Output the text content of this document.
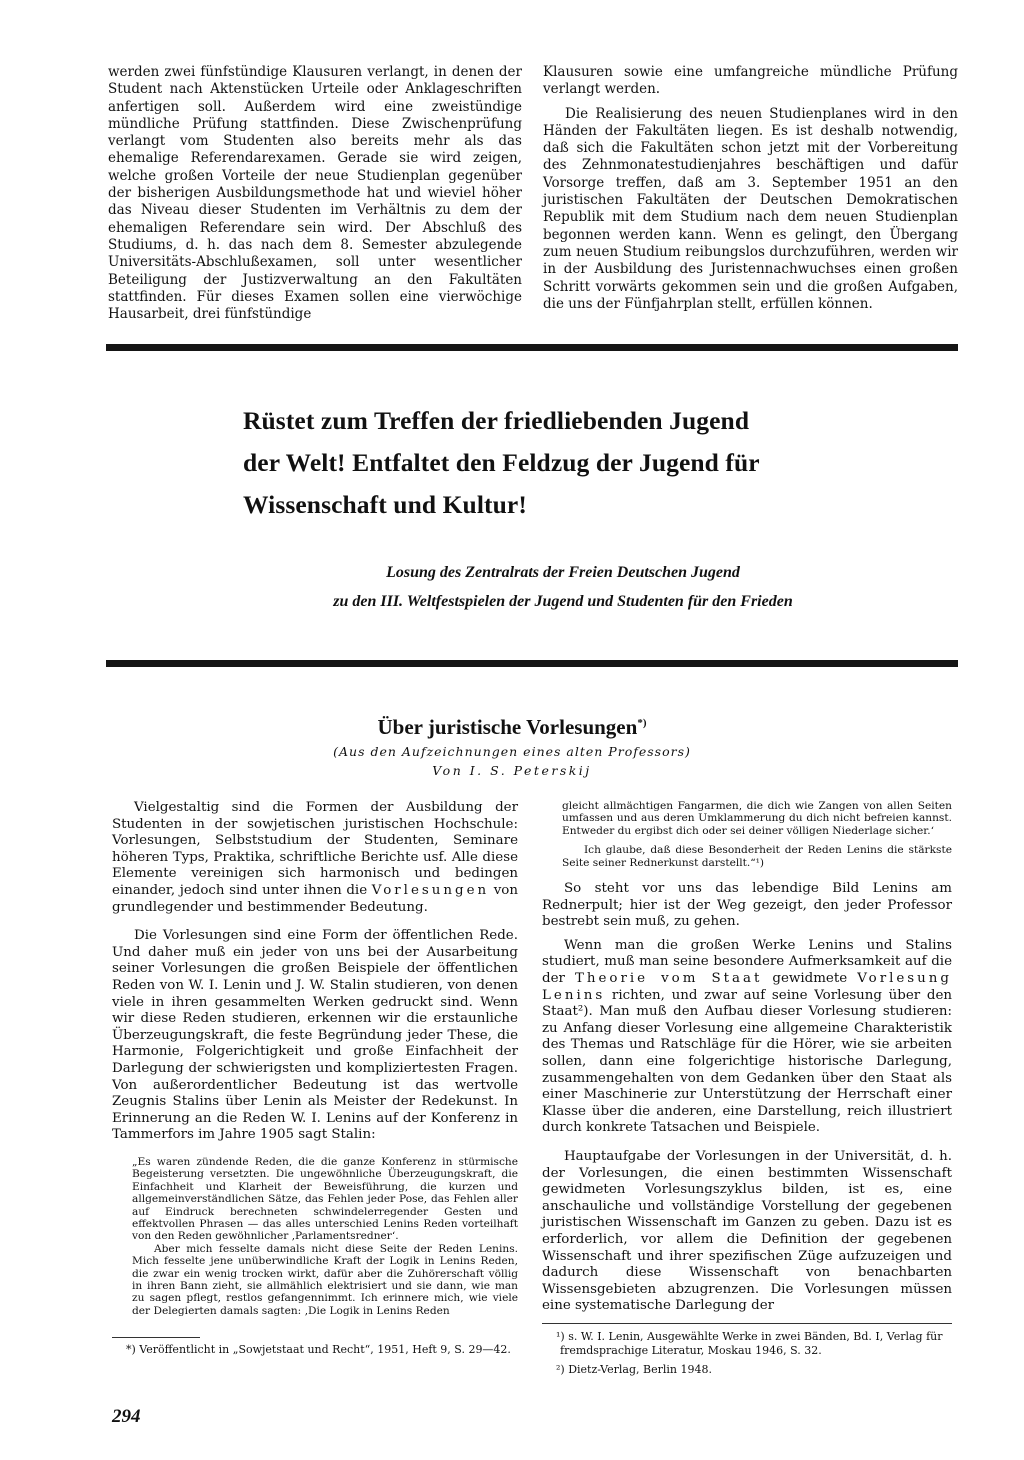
werden zwei fünfstündige Klausuren verlangt, in denen der Student nach Aktenstücken Urteile oder Anklageschriften anfertigen soll. Außerdem wird eine zweistündige mündliche Prüfung stattfinden. Diese Zwischenprüfung verlangt vom Studenten also bereits mehr als das ehemalige Referendarexamen. Gerade sie wird zeigen, welche großen Vorteile der neue Studienplan gegenüber der bisherigen Ausbildungsmethode hat und wieviel höher das Niveau dieser Studenten im Verhältnis zu dem der ehemaligen Referendare sein wird. Der Abschluß des Studiums, d. h. das nach dem 8. Semester abzulegende Universitäts-Abschlußexamen, soll unter wesentlicher Beteiligung der Justizverwaltung an den Fakultäten stattfinden. Für dieses Examen sollen eine vierwöchige Hausarbeit, drei fünfstündige

Klausuren sowie eine umfangreiche mündliche Prüfung verlangt werden.

Die Realisierung des neuen Studienplanes wird in den Händen der Fakultäten liegen. Es ist deshalb notwendig, daß sich die Fakultäten schon jetzt mit der Vorbereitung des Zehnmonatestudienjahres beschäftigen und dafür Vorsorge treffen, daß am 3. September 1951 an den juristischen Fakultäten der Deutschen Demokratischen Republik mit dem Studium nach dem neuen Studienplan begonnen werden kann. Wenn es gelingt, den Übergang zum neuen Studium reibungslos durchzuführen, werden wir in der Ausbildung des Juristennachwuchses einen großen Schritt vorwärts gekommen sein und die großen Aufgaben, die uns der Fünfjahrplan stellt, erfüllen können.

Rüstet zum Treffen der friedliebenden Jugend
der Welt! Entfaltet den Feldzug der Jugend für
Wissenschaft und Kultur!
Losung des Zentralrats der Freien Deutschen Jugend
zu den III. Weltfestspielen der Jugend und Studenten für den Frieden
Über juristische Vorlesungen*)
(Aus den Aufzeichnungen eines alten Professors)
Von I. S. Peterskij

Vielgestaltig sind die Formen der Ausbildung der Studenten in der sowjetischen juristischen Hochschule: Vorlesungen, Selbststudium der Studenten, Seminare höheren Typs, Praktika, schriftliche Berichte usf. Alle diese Elemente vereinigen sich harmonisch und bedingen einander, jedoch sind unter ihnen die Vorlesungen von grundlegender und bestimmender Bedeutung.

Die Vorlesungen sind eine Form der öffentlichen Rede. Und daher muß ein jeder von uns bei der Ausarbeitung seiner Vorlesungen die großen Beispiele der öffentlichen Reden von W. I. Lenin und J. W. Stalin studieren, von denen viele in ihren gesammelten Werken gedruckt sind. Wenn wir diese Reden studieren, erkennen wir die erstaunliche Überzeugungskraft, die feste Begründung jeder These, die Harmonie, Folgerichtigkeit und große Einfachheit der Darlegung der schwierigsten und kompliziertesten Fragen. Von außerordentlicher Bedeutung ist das wertvolle Zeugnis Stalins über Lenin als Meister der Redekunst. In Erinnerung an die Reden W. I. Lenins auf der Konferenz in Tammerfors im Jahre 1905 sagt Stalin:

„Es waren zündende Reden, die die ganze Konferenz in stürmische Begeisterung versetzten. Die ungewöhnliche Überzeugungskraft, die Einfachheit und Klarheit der Beweisführung, die kurzen und allgemeinverständlichen Sätze, das Fehlen jeder Pose, das Fehlen aller auf Eindruck berechneten schwindelerregender Gesten und effektvollen Phrasen — das alles unterschied Lenins Reden vorteilhaft von den Reden gewöhnlicher ‚Parlamentsredner‘.

Aber mich fesselte damals nicht diese Seite der Reden Lenins. Mich fesselte jene unüberwindliche Kraft der Logik in Lenins Reden, die zwar ein wenig trocken wirkt, dafür aber die Zuhörerschaft völlig in ihren Bann zieht, sie allmählich elektrisiert und sie dann, wie man zu sagen pflegt, restlos gefangennimmt. Ich erinnere mich, wie viele der Delegierten damals sagten: ‚Die Logik in Lenins Reden

*) Veröffentlicht in „Sowjetstaat und Recht“, 1951, Heft 9, S. 29—42.

gleicht allmächtigen Fangarmen, die dich wie Zangen von allen Seiten umfassen und aus deren Umklammerung du dich nicht befreien kannst. Entweder du ergibst dich oder sei deiner völligen Niederlage sicher.‘

Ich glaube, daß diese Besonderheit der Reden Lenins die stärkste Seite seiner Rednerkunst darstellt.“¹)

So steht vor uns das lebendige Bild Lenins am Rednerpult; hier ist der Weg gezeigt, den jeder Professor bestrebt sein muß, zu gehen.

Wenn man die großen Werke Lenins und Stalins studiert, muß man seine besondere Aufmerksamkeit auf die der Theorie vom Staat gewidmete Vorlesung Lenins richten, und zwar auf seine Vorlesung über den Staat²). Man muß den Aufbau dieser Vorlesung studieren: zu Anfang dieser Vorlesung eine allgemeine Charakteristik des Themas und Ratschläge für die Hörer, wie sie arbeiten sollen, dann eine folgerichtige historische Darlegung, zusammengehalten von dem Gedanken über den Staat als einer Maschinerie zur Unterstützung der Herrschaft einer Klasse über die anderen, eine Darstellung, reich illustriert durch konkrete Tatsachen und Beispiele.

Hauptaufgabe der Vorlesungen in der Universität, d. h. der Vorlesungen, die einen bestimmten Wissenschaft gewidmeten Vorlesungszyklus bilden, ist es, eine anschauliche und vollständige Vorstellung der gegebenen juristischen Wissenschaft im Ganzen zu geben. Dazu ist es erforderlich, vor allem die Definition der gegebenen Wissenschaft und ihrer spezifischen Züge aufzuzeigen und dadurch diese Wissenschaft von benachbarten Wissensgebieten abzugrenzen. Die Vorlesungen müssen eine systematische Darlegung der

¹) s. W. I. Lenin, Ausgewählte Werke in zwei Bänden, Bd. I, Verlag für fremdsprachige Literatur, Moskau 1946, S. 32.

²) Dietz-Verlag, Berlin 1948.

294
